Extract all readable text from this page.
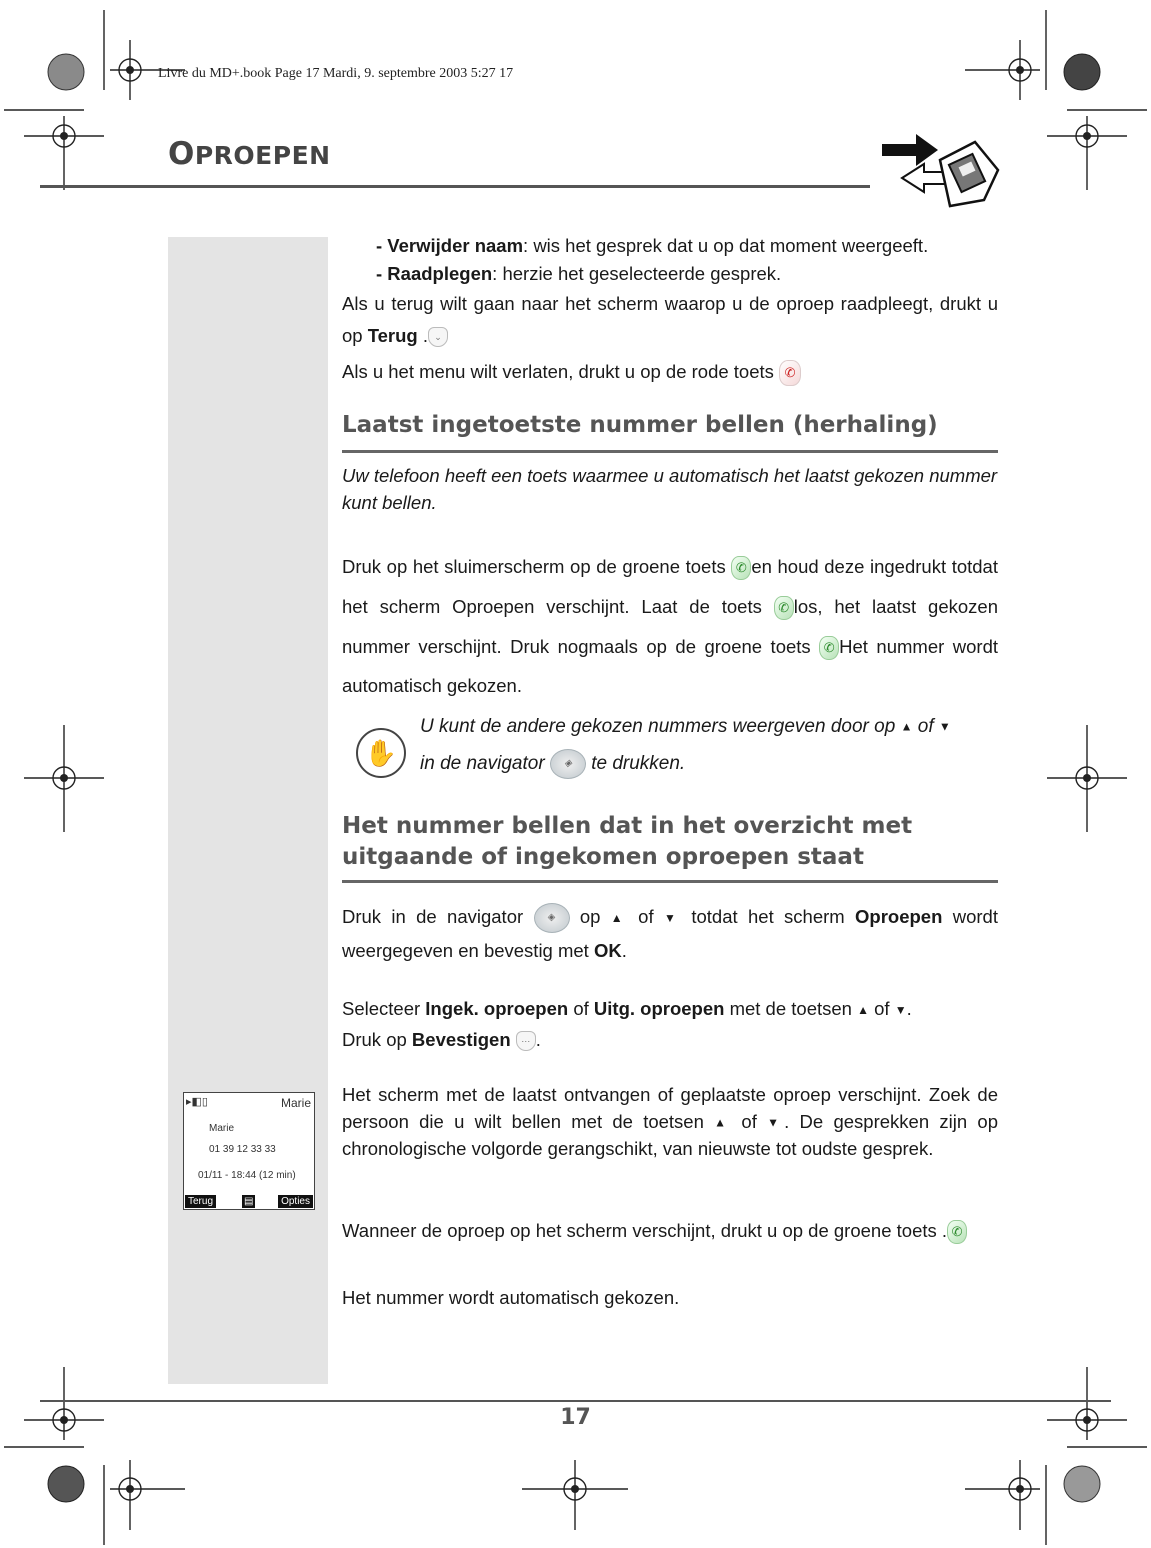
Livre du MD+.book Page 17 Mardi, 9. septembre 2003 5:27 17
OPROEPEN
▸◧▯	Marie
Marie
01 39 12 33 33
01/11 - 18:44 (12 min)
Terug	▤	Opties

- Verwijder naam: wis het gesprek dat u op dat moment weergeeft.

- Raadplegen: herzie het geselecteerde gesprek.

Als u terug wilt gaan naar het scherm waarop u de oproep raadpleegt, drukt u op Terug . ⌄

Als u het menu wilt verlaten, drukt u op de rode toets ✆

Laatst ingetoetste nummer bellen (herhaling)
Uw telefoon heeft een toets waarmee u automatisch het laatst gekozen nummer kunt bellen.
Druk op het sluimerscherm op de groene toets ✆ en houd deze ingedrukt totdat het scherm Oproepen verschijnt. Laat de toets ✆ los, het laatst gekozen nummer verschijnt. Druk nogmaals op de groene toets ✆ Het nummer wordt automatisch gekozen.
✋
U kunt de andere gekozen nummers weergeven door op ▲ of ▼
in de navigator ◈ te drukken.
Het nummer bellen dat in het overzicht met uitgaande of ingekomen oproepen staat
Druk in de navigator ◈ op ▲ of ▼ totdat het scherm Oproepen wordt weergegeven en bevestig met OK.
Selecteer Ingek. oproepen of Uitg. oproepen met de toetsen ▲ of ▼.
Druk op Bevestigen ⋯ .
Het scherm met de laatst ontvangen of geplaatste oproep verschijnt. Zoek de persoon die u wilt bellen met de toetsen ▲ of ▼. De gesprekken zijn op chronologische volgorde gerangschikt, van nieuwste tot oudste gesprek.
Wanneer de oproep op het scherm verschijnt, drukt u op de groene toets . ✆
Het nummer wordt automatisch gekozen.
17
